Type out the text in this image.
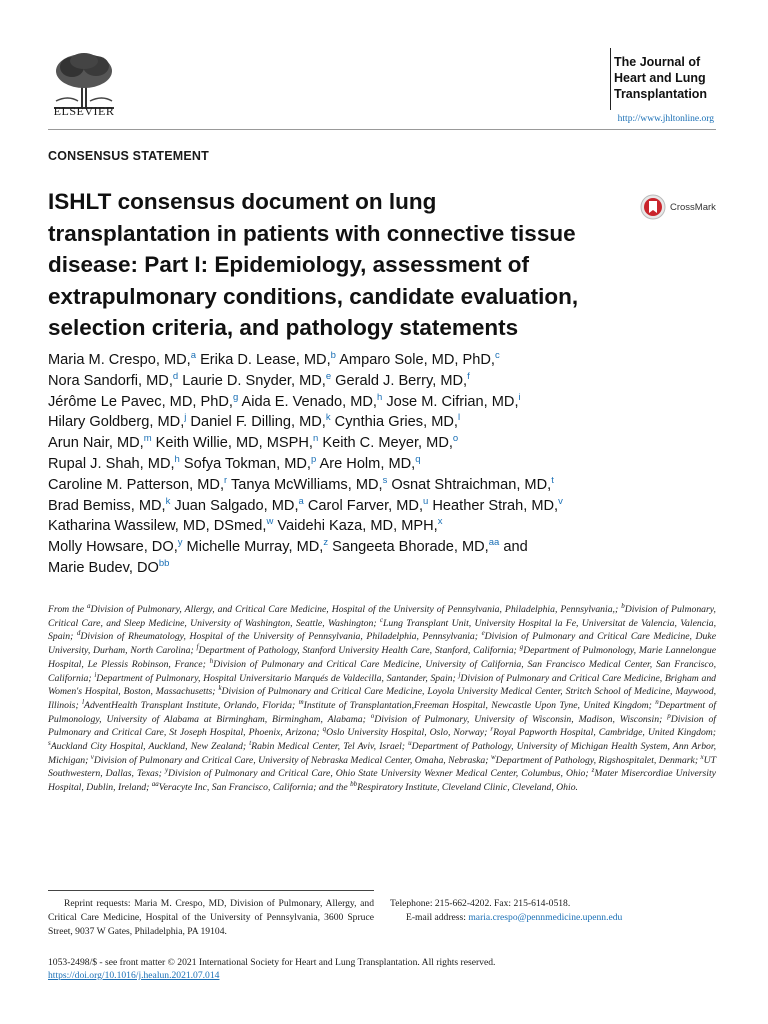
ELSEVIER
The Journal of
Heart and Lung
Transplantation
http://www.jhltonline.org
CONSENSUS STATEMENT
CrossMark
ISHLT consensus document on lung
transplantation in patients with connective tissue
disease: Part I: Epidemiology, assessment of
extrapulmonary conditions, candidate evaluation,
selection criteria, and pathology statements
Maria M. Crespo, MD,$^a$ Erika D. Lease, MD,$^b$ Amparo Sole, MD, PhD,$^c$
Nora Sandorfi, MD,$^d$ Laurie D. Snyder, MD,$^e$ Gerald J. Berry, MD,$^f$
Jérôme Le Pavec, MD, PhD,$^g$ Aida E. Venado, MD,$^h$ Jose M. Cifrian, MD,$^i$
Hilary Goldberg, MD,$^j$ Daniel F. Dilling, MD,$^k$ Cynthia Gries, MD,$^l$
Arun Nair, MD,$^m$ Keith Willie, MD, MSPH,$^n$ Keith C. Meyer, MD,$^o$
Rupal J. Shah, MD,$^h$ Sofya Tokman, MD,$^p$ Are Holm, MD,$^q$
Caroline M. Patterson, MD,$^r$ Tanya McWilliams, MD,$^s$ Osnat Shtraichman, MD,$^t$
Brad Bemiss, MD,$^k$ Juan Salgado, MD,$^a$ Carol Farver, MD,$^u$ Heather Strah, MD,$^v$
Katharina Wassilew, MD, DSmed,$^w$ Vaidehi Kaza, MD, MPH,$^x$
Molly Howsare, DO,$^y$ Michelle Murray, MD,$^z$ Sangeeta Bhorade, MD,$^{aa}$ and
Marie Budev, DO$^{bb}$
From the $^a$Division of Pulmonary, Allergy, and Critical Care Medicine, Hospital of the University of Pennsylvania, Philadelphia, Pennsylvania,; $^b$Division of Pulmonary, Critical Care, and Sleep Medicine, University of Washington, Seattle, Washington; $^c$Lung Transplant Unit, University Hospital la Fe, Universitat de Valencia, Valencia, Spain; $^d$Division of Rheumatology, Hospital of the University of Pennsylvania, Philadelphia, Pennsylvania; $^e$Division of Pulmonary and Critical Care Medicine, Duke University, Durham, North Carolina; $^f$Department of Pathology, Stanford University Health Care, Stanford, California; $^g$Department of Pulmonology, Marie Lannelongue Hospital, Le Plessis Robinson, France; $^h$Division of Pulmonary and Critical Care Medicine, University of California, San Francisco Medical Center, San Francisco, California; $^i$Department of Pulmonary, Hospital Universitario Marqués de Valdecilla, Santander, Spain; $^j$Division of Pulmonary and Critical Care Medicine, Brigham and Women's Hospital, Boston, Massachusetts; $^k$Division of Pulmonary and Critical Care Medicine, Loyola University Medical Center, Stritch School of Medicine, Maywood, Illinois; $^l$AdventHealth Transplant Institute, Orlando, Florida; $^m$Institute of Transplantation,Freeman Hospital, Newcastle Upon Tyne, United Kingdom; $^n$Department of Pulmonology, University of Alabama at Birmingham, Birmingham, Alabama; $^o$Division of Pulmonary, University of Wisconsin, Madison, Wisconsin; $^p$Division of Pulmonary and Critical Care, St Joseph Hospital, Phoenix, Arizona; $^q$Oslo University Hospital, Oslo, Norway; $^r$Royal Papworth Hospital, Cambridge, United Kingdom; $^s$Auckland City Hospital, Auckland, New Zealand; $^t$Rabin Medical Center, Tel Aviv, Israel; $^u$Department of Pathology, University of Michigan Health System, Ann Arbor, Michigan; $^v$Division of Pulmonary and Critical Care, University of Nebraska Medical Center, Omaha, Nebraska; $^w$Department of Pathology, Rigshospitalet, Denmark; $^x$UT Southwestern, Dallas, Texas; $^y$Division of Pulmonary and Critical Care, Ohio State University Wexner Medical Center, Columbus, Ohio; $^z$Mater Misercordiae University Hospital, Dublin, Ireland; $^{aa}$Veracyte Inc, San Francisco, California; and the $^{bb}$Respiratory Institute, Cleveland Clinic, Cleveland, Ohio.
Reprint requests: Maria M. Crespo, MD, Division of Pulmonary, Allergy, and Critical Care Medicine, Hospital of the University of Pennsylvania, 3600 Spruce Street, 9037 W Gates, Philadelphia, PA 19104.
Telephone: 215-662-4202. Fax: 215-614-0518.
E-mail address: maria.crespo@pennmedicine.upenn.edu
1053-2498/$ - see front matter © 2021 International Society for Heart and Lung Transplantation. All rights reserved.
https://doi.org/10.1016/j.healun.2021.07.014
